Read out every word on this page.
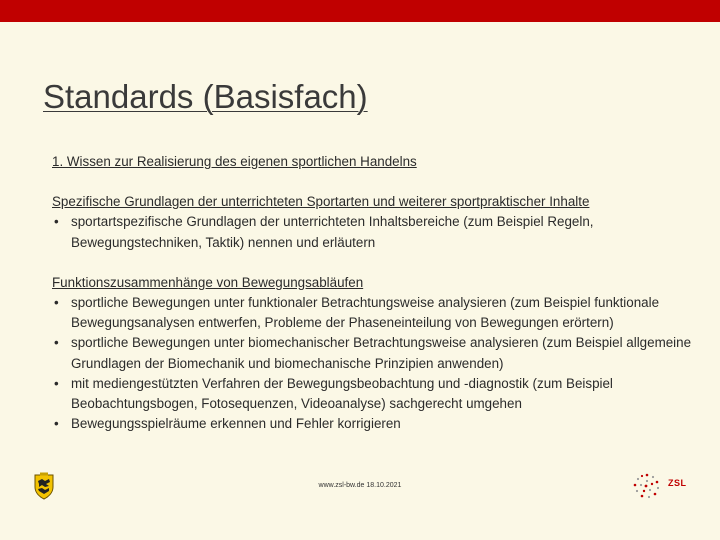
Standards (Basisfach)
1. Wissen zur Realisierung des eigenen sportlichen Handelns
Spezifische Grundlagen der unterrichteten Sportarten und weiterer sportpraktischer Inhalte
• sportartspezifische Grundlagen der unterrichteten Inhaltsbereiche (zum Beispiel Regeln, Bewegungstechniken, Taktik) nennen und erläutern
Funktionszusammenhänge von Bewegungsabläufen
• sportliche Bewegungen unter funktionaler Betrachtungsweise analysieren (zum Beispiel funktionale Bewegungsanalysen entwerfen, Probleme der Phaseneinteilung von Bewegungen erörtern)
• sportliche Bewegungen unter biomechanischer Betrachtungsweise analysieren (zum Beispiel allgemeine Grundlagen der Biomechanik und biomechanische Prinzipien anwenden)
• mit mediengestützten Verfahren der Bewegungsbeobachtung und -diagnostik (zum Beispiel Beobachtungsbogen, Fotosequenzen, Videoanalyse) sachgerecht umgehen
• Bewegungsspielräume erkennen und Fehler korrigieren
www.zsl-bw.de 18.10.2021	ZSL
